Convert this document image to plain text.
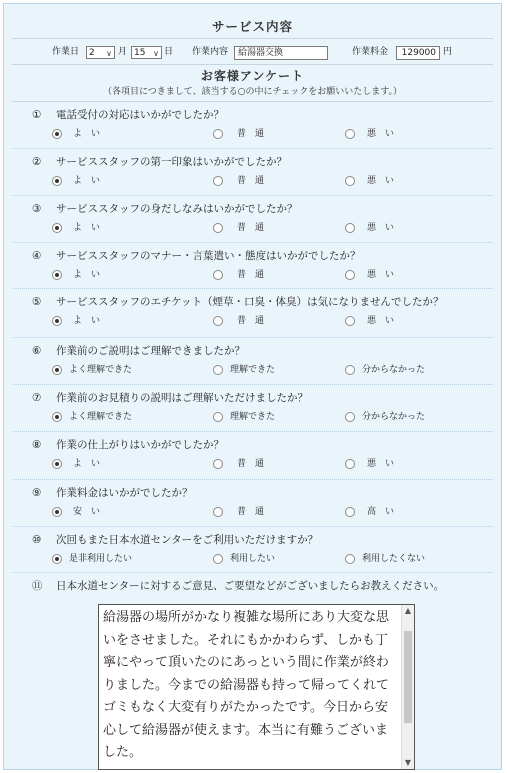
サービス内容
作業日	2 ∨ 月 15 ∨ 日 作業内容	給湯器交換	作業料金	129000 円
お客様アンケート
（各項目につきまして、該当する○の中にチェックをお願いいたします。）
① 電話受付の対応はいかがでしたか？
よ　い	普　通	悪　い
② サービススタッフの第一印象はいかがでしたか？
よ　い	普　通	悪　い
③ サービススタッフの身だしなみはいかがでしたか？
よ　い	普　通	悪　い
④ サービススタッフのマナー・言葉遣い・態度はいかがでしたか？
よ　い	普　通	悪　い
⑤ サービススタッフのエチケット（煙草・口臭・体臭）は気になりませんでしたか？
よ　い	普　通	悪　い
⑥ 作業前のご説明はご理解できましたか？
よく理解できた	理解できた	分からなかった
⑦ 作業前のお見積りの説明はご理解いただけましたか？
よく理解できた	理解できた	分からなかった
⑧ 作業の仕上がりはいかがでしたか？
よ　い	普　通	悪　い
⑨ 作業料金はいかがでしたか？
安　い	普　通	高　い
⑩ 次回もまた日本水道センターをご利用いただけますか？
是非利用したい	利用したい	利用したくない
⑪ 日本水道センターに対するご意見、ご要望などがございましたらお教えください。
給湯器の場所がかなり複雑な場所にあり大変な思いをさせました。それにもかかわらず、しかも丁寧にやって頂いたのにあっという間に作業が終わりました。今までの給湯器も持って帰ってくれてゴミもなく大変有りがたかったです。今日から安心して給湯器が使えます。本当に有難うございました。
▲
▼
